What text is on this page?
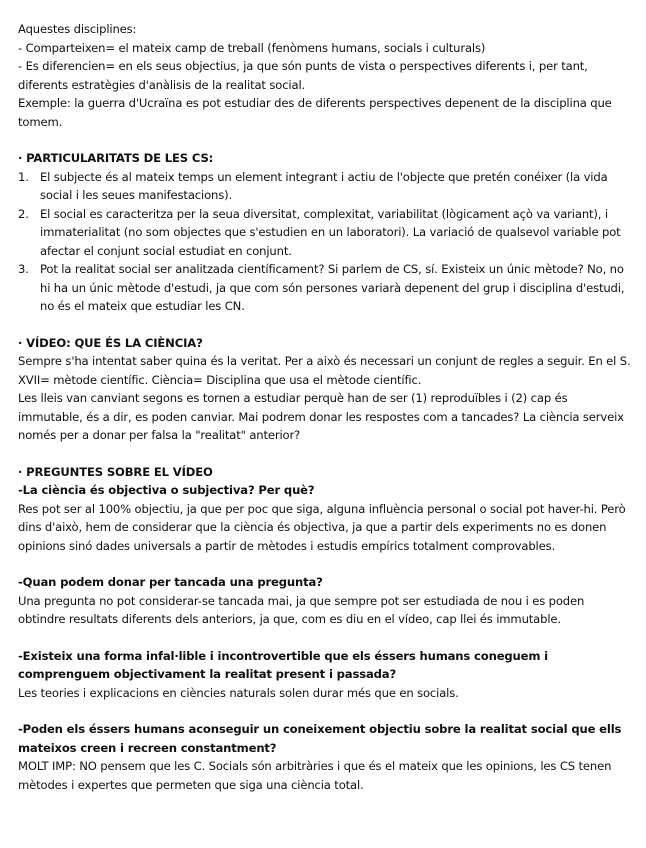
Aquestes disciplines:

- Comparteixen= el mateix camp de treball (fenòmens humans, socials i culturals)

- Es diferencien= en els seus objectius, ja que són punts de vista o perspectives diferents i, per tant, diferents estratègies d'anàlisis de la realitat social.

Exemple: la guerra d'Ucraïna es pot estudiar des de diferents perspectives depenent de la disciplina que tomem.

· PARTICULARITATS DE LES CS:
1. El subjecte és al mateix temps un element integrant i actiu de l'objecte que pretén conéixer (la vida social i les seues manifestacions).
2. El social es caracteritza per la seua diversitat, complexitat, variabilitat (lògicament açò va variant), i immaterialitat (no som objectes que s'estudien en un laboratori). La variació de qualsevol variable pot afectar el conjunt social estudiat en conjunt.
3. Pot la realitat social ser analitzada científicament? Si parlem de CS, sí. Existeix un únic mètode? No, no hi ha un únic mètode d'estudi, ja que com són persones variarà depenent del grup i disciplina d'estudi, no és el mateix que estudiar les CN.
· VÍDEO: QUE ÉS LA CIÈNCIA?

Sempre s'ha intentat saber quina és la veritat. Per a això és necessari un conjunt de regles a seguir. En el S. XVII= mètode científic. Ciència= Disciplina que usa el mètode científic.

Les lleis van canviant segons es tornen a estudiar perquè han de ser (1) reproduïbles i (2) cap és immutable, és a dir, es poden canviar. Mai podrem donar les respostes com a tancades? La ciència serveix només per a donar per falsa la "realitat" anterior?

· PREGUNTES SOBRE EL VÍDEO

-La ciència és objectiva o subjectiva? Per què?

Res pot ser al 100% objectiu, ja que per poc que siga, alguna influència personal o social pot haver-hi. Però dins d'això, hem de considerar que la ciència és objectiva, ja que a partir dels experiments no es donen opinions sinó dades universals a partir de mètodes i estudis empírics totalment comprovables.

-Quan podem donar per tancada una pregunta?

Una pregunta no pot considerar-se tancada mai, ja que sempre pot ser estudiada de nou i es poden obtindre resultats diferents dels anteriors, ja que, com es diu en el vídeo, cap llei és immutable.

-Existeix una forma infal·lible i incontrovertible que els éssers humans coneguem i comprenguem objectivament la realitat present i passada?

Les teories i explicacions en ciències naturals solen durar més que en socials.

-Poden els éssers humans aconseguir un coneixement objectiu sobre la realitat social que ells mateixos creen i recreen constantment?

MOLT IMP: NO pensem que les C. Socials són arbitràries i que és el mateix que les opinions, les CS tenen mètodes i expertes que permeten que siga una ciència total.
